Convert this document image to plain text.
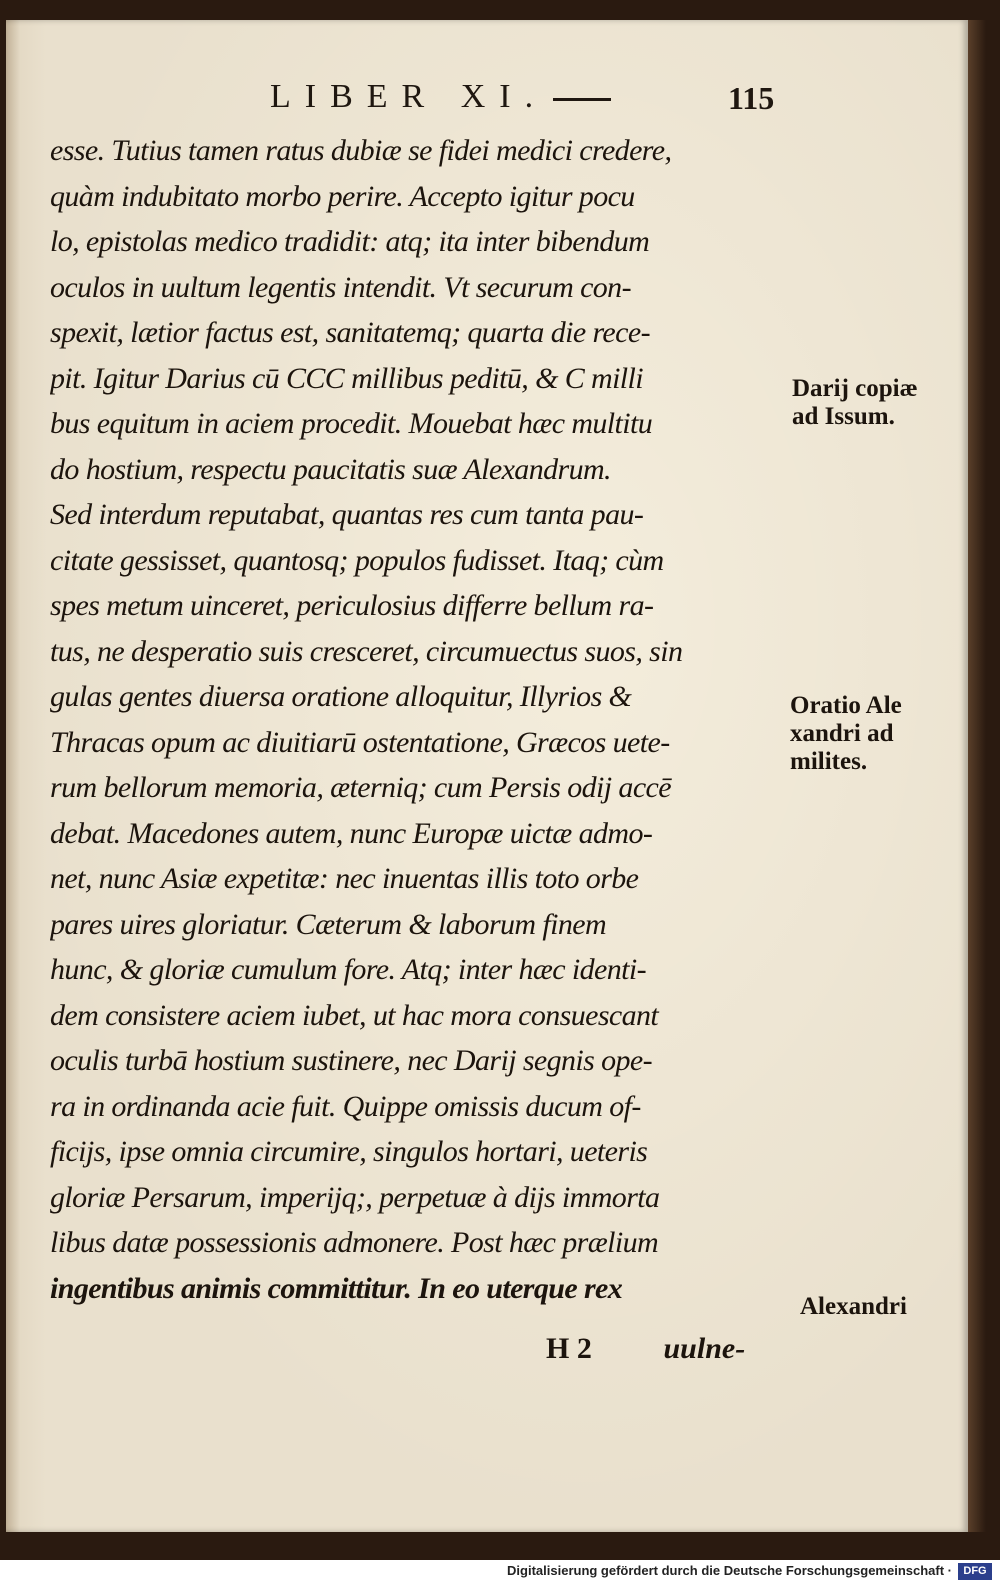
LIBER XI.	115
esse. Tutius tamen ratus dubiæ se fidei medici credere,
quàm indubitato morbo perire. Accepto igitur pocu
lo, epistolas medico tradidit: atq; ita inter bibendum
oculos in uultum legentis intendit. Vt securum con-
spexit, lætior factus est, sanitatemq; quarta die rece-
pit. Igitur Darius cū CCC millibus peditū, & C milli
bus equitum in aciem procedit. Mouebat hæc multitu
do hostium, respectu paucitatis suæ Alexandrum.
Sed interdum reputabat, quantas res cum tanta pau-
citate gessisset, quantosq; populos fudisset. Itaq; cùm
spes metum uinceret, periculosius differre bellum ra-
tus, ne desperatio suis cresceret, circumuectus suos, sin
gulas gentes diuersa oratione alloquitur, Illyrios &
Thracas opum ac diuitiarū ostentatione, Græcos uete-
rum bellorum memoria, æterniq; cum Persis odij accē
debat. Macedones autem, nunc Europæ uictæ admo-
net, nunc Asiæ expetitæ: nec inuentas illis toto orbe
pares uires gloriatur. Cæterum & laborum finem
hunc, & gloriæ cumulum fore. Atq; inter hæc identi-
dem consistere aciem iubet, ut hac mora consuescant
oculis turbā hostium sustinere, nec Darij segnis ope-
ra in ordinanda acie fuit. Quippe omissis ducum of-
ficijs, ipse omnia circumire, singulos hortari, ueteris
gloriæ Persarum, imperijq;, perpetuæ à dijs immorta
libus datæ possessionis admonere. Post hæc prælium
ingentibus animis committitur. In eo uterque rex
Darij copiæ
ad Issum.
Oratio Ale
xandri ad
milites.
Alexandri
H 2 uulne-
Digitalisierung gefördert durch die Deutsche Forschungsgemeinschaft ·	DFG
